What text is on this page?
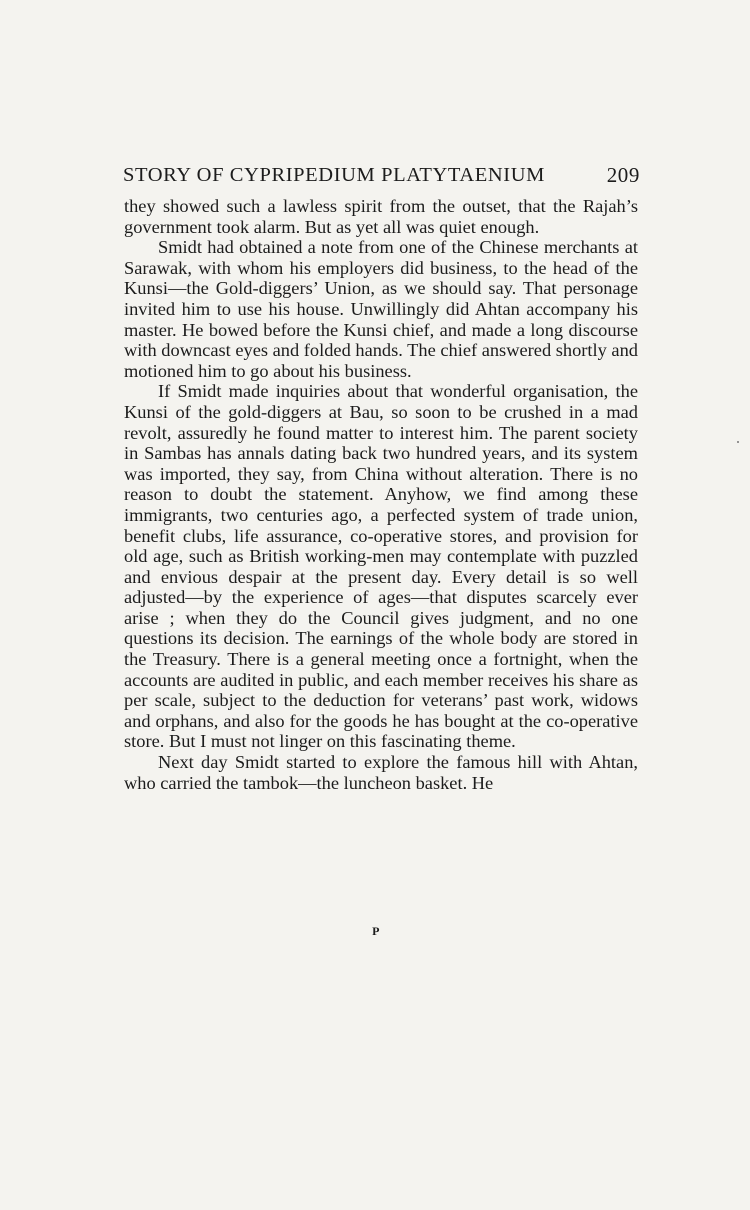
STORY OF CYPRIPEDIUM PLATYTAENIUM	209

they showed such a lawless spirit from the outset, that the Rajah’s government took alarm. But as yet all was quiet enough.

Smidt had obtained a note from one of the Chinese merchants at Sarawak, with whom his employers did business, to the head of the Kunsi—the Gold-diggers’ Union, as we should say. That personage invited him to use his house. Unwillingly did Ahtan accompany his master. He bowed before the Kunsi chief, and made a long discourse with downcast eyes and folded hands. The chief answered shortly and motioned him to go about his business.

If Smidt made inquiries about that wonderful organisation, the Kunsi of the gold-diggers at Bau, so soon to be crushed in a mad revolt, assuredly he found matter to interest him. The parent society in Sambas has annals dating back two hundred years, and its system was imported, they say, from China without alteration. There is no reason to doubt the statement. Anyhow, we find among these immigrants, two centuries ago, a perfected system of trade union, benefit clubs, life assurance, co-operative stores, and provision for old age, such as British working-men may contemplate with puzzled and envious despair at the present day. Every detail is so well adjusted—by the experience of ages—that disputes scarcely ever arise ; when they do the Council gives judgment, and no one questions its decision. The earnings of the whole body are stored in the Treasury. There is a general meeting once a fortnight, when the accounts are audited in public, and each member receives his share as per scale, subject to the deduction for veterans’ past work, widows and orphans, and also for the goods he has bought at the co-operative store. But I must not linger on this fascinating theme.

Next day Smidt started to explore the famous hill with Ahtan, who carried the tambok—the luncheon basket. He

P
